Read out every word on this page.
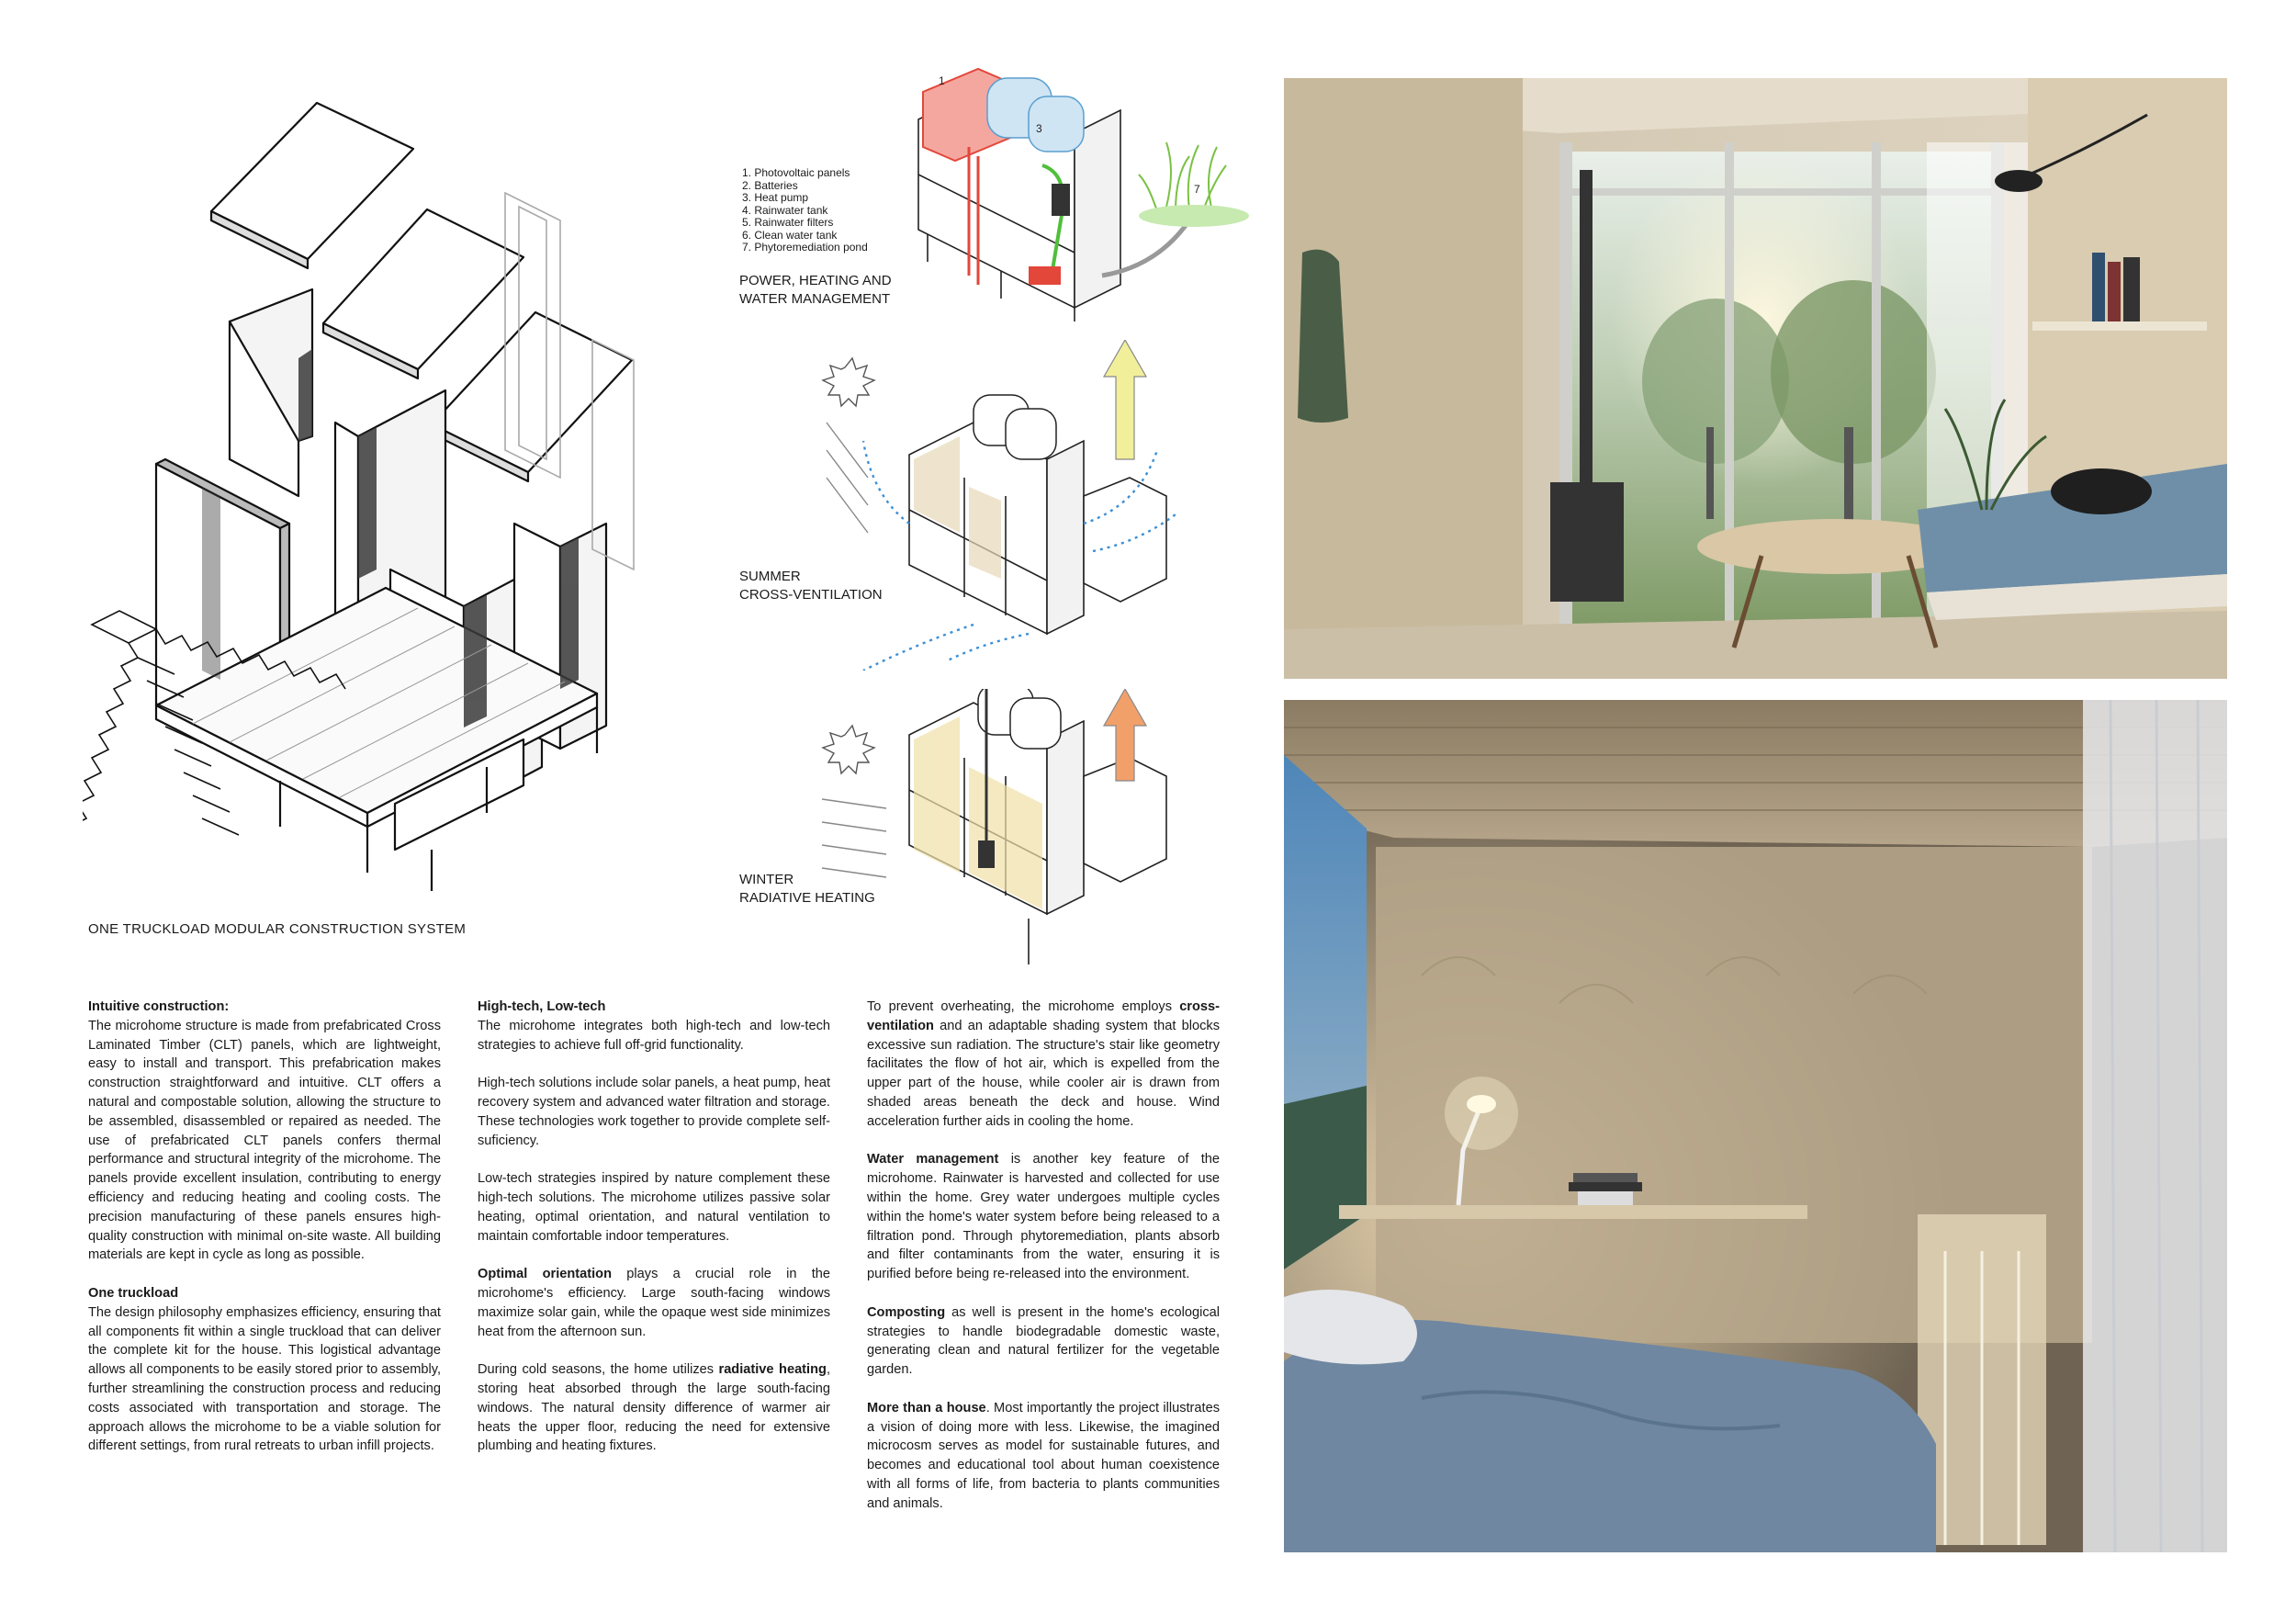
ONE TRUCKLOAD MODULAR CONSTRUCTION SYSTEM
1. Photovoltaic panels
2. Batteries
3. Heat pump
4. Rainwater tank
5. Rainwater filters
6. Clean water tank
7. Phytoremediation pond
1
3
7
POWER, HEATING AND
WATER MANAGEMENT
SUMMER
CROSS-VENTILATION
WINTER
RADIATIVE HEATING
Intuitive construction:
The microhome structure is made from prefabricated Cross Laminated Timber (CLT) panels, which are lightweight, easy to install and transport. This prefabrication makes construction straightforward and intuitive. CLT offers a natural and compostable solution, allowing the structure to be assembled, disassembled or repaired as needed. The use of prefabricated CLT panels confers thermal performance and structural integrity of the microhome. The panels provide excellent insulation, contributing to energy efficiency and reducing heating and cooling costs. The precision manufacturing of these panels ensures high-quality construction with minimal on-site waste. All building materials are kept in cycle as long as possible.
One truckload
The design philosophy emphasizes efficiency, ensuring that all components fit within a single truckload that can deliver the complete kit for the house. This logistical advantage allows all components to be easily stored prior to assembly, further streamlining the construction process and reducing costs associated with transportation and storage. The approach allows the microhome to be a viable solution for different settings, from rural retreats to urban infill projects.
High-tech, Low-tech
The microhome integrates both high-tech and low-tech strategies to achieve full off-grid functionality.

High-tech solutions include solar panels, a heat pump, heat recovery system and advanced water filtration and storage. These technologies work together to provide complete self-suficiency.

Low-tech strategies inspired by nature complement these high-tech solutions. The microhome utilizes passive solar heating, optimal orientation, and natural ventilation to maintain comfortable indoor temperatures.

Optimal orientation plays a crucial role in the microhome's efficiency. Large south-facing windows maximize solar gain, while the opaque west side minimizes heat from the afternoon sun.

During cold seasons, the home utilizes radiative heating, storing heat absorbed through the large south-facing windows. The natural density difference of warmer air heats the upper floor, reducing the need for extensive plumbing and heating fixtures.

To prevent overheating, the microhome employs cross-ventilation and an adaptable shading system that blocks excessive sun radiation. The structure's stair like geometry facilitates the flow of hot air, which is expelled from the upper part of the house, while cooler air is drawn from shaded areas beneath the deck and house. Wind acceleration further aids in cooling the home.

Water management is another key feature of the microhome. Rainwater is harvested and collected for use within the home. Grey water undergoes multiple cycles within the home's water system before being released to a filtration pond. Through phytoremediation, plants absorb and filter contaminants from the water, ensuring it is purified before being re-released into the environment.

Composting as well is present in the home's ecological strategies to handle biodegradable domestic waste, generating clean and natural fertilizer for the vegetable garden.

More than a house. Most importantly the project illustrates a vision of doing more with less. Likewise, the imagined microcosm serves as model for sustainable futures, and becomes and educational tool about human coexistence with all forms of life, from bacteria to plants communities and animals.
